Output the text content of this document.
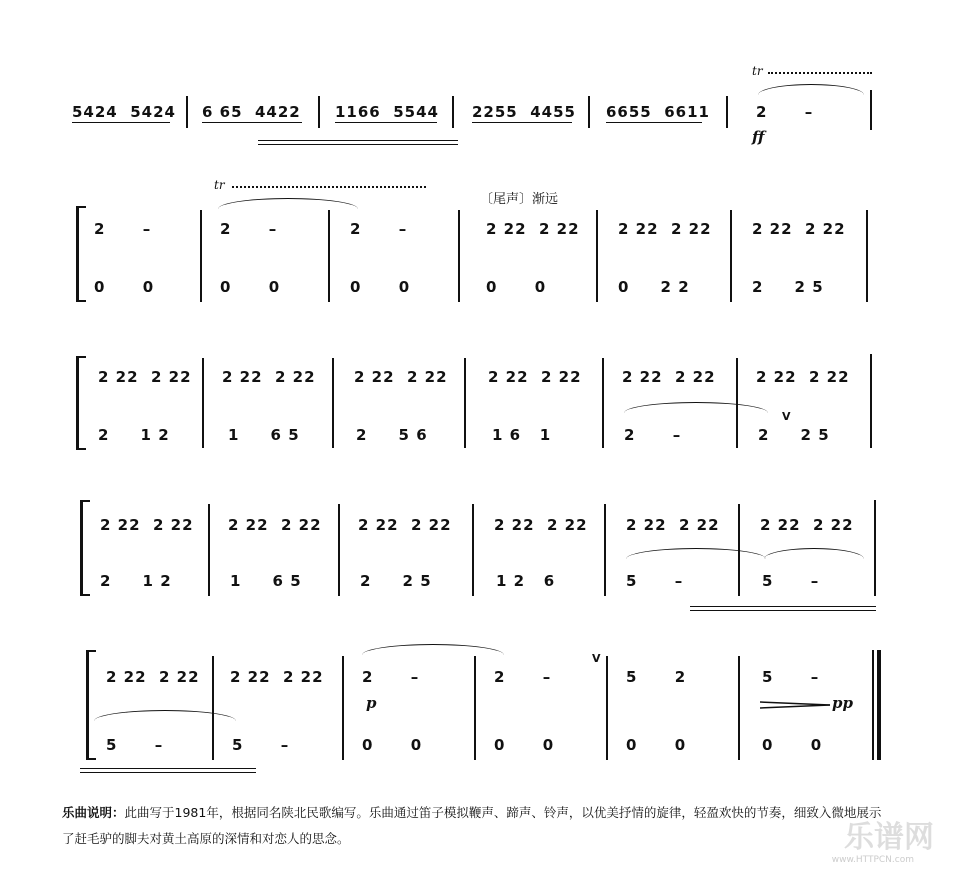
5424  5424 6 65  4422 1166  5544 2255  4455 6655  6611
tr
2      –
ff
tr
2      –
0      0
2      –
0      0
2      –
0      0
〔尾声〕渐远
2 22  2 22
0      0
2 22  2 22
0     2 2
2 22  2 22
2     2 5
2 22  2 22
2     1 2
2 22  2 22
1     6 5
2 22  2 22
2     5 6
2 22  2 22
1 6   1
2 22  2 22
2      –
2 22  2 22
2     2 5
V
2 22  2 22
2     1 2
2 22  2 22
1     6 5
2 22  2 22
2     2 5
2 22  2 22
1 2   6
2 22  2 22
5      –
2 22  2 22
5      –
2 22  2 22
5      –
2 22  2 22
5      –
2      –
p
0      0
2      –
V
0      0
5      2
0      0
5      –
pp
0      0
乐曲说明：此曲写于1981年，根据同名陕北民歌编写。乐曲通过笛子模拟鞭声、蹄声、铃声，以优美抒情的旋律，轻盈欢快的节奏，细致入微地展示了赶毛驴的脚夫对黄土高原的深情和对恋人的思念。	乐谱网
www.HTTPCN.com
